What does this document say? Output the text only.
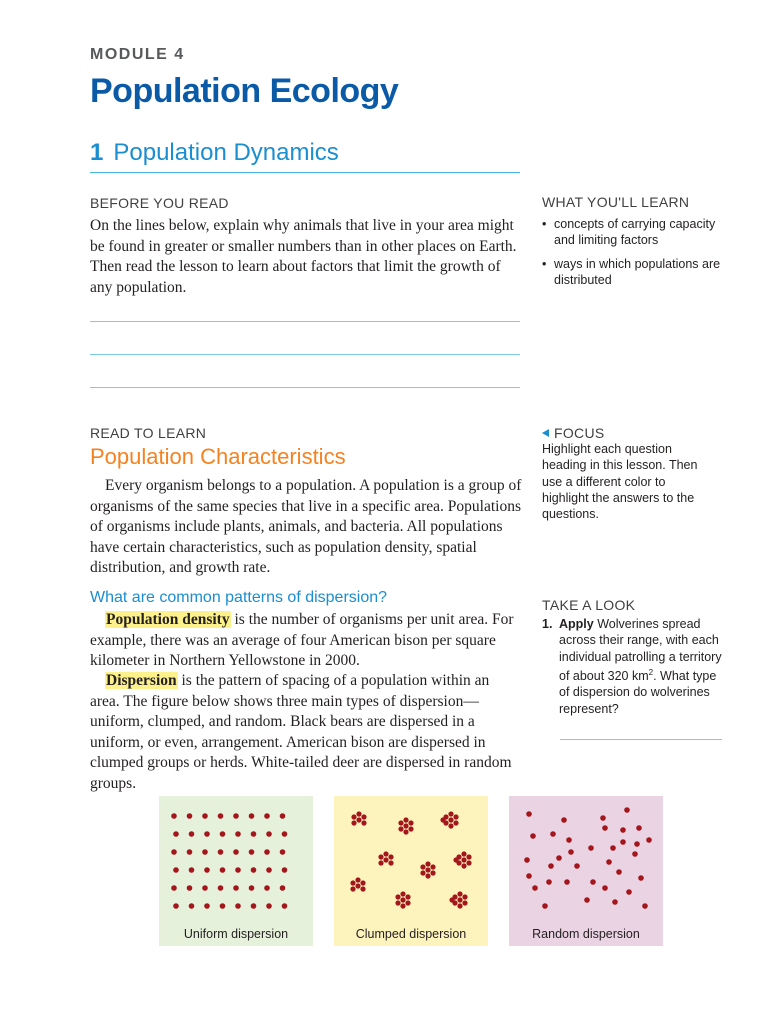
MODULE 4
Population Ecology
1 Population Dynamics
BEFORE YOU READ
On the lines below, explain why animals that live in your area might be found in greater or smaller numbers than in other places on Earth. Then read the lesson to learn about factors that limit the growth of any population.
WHAT YOU'LL LEARN
• concepts of carrying capacity and limiting factors
• ways in which populations are distributed
READ TO LEARN
Population Characteristics
Every organism belongs to a population. A population is a group of organisms of the same species that live in a specific area. Populations of organisms include plants, animals, and bacteria. All populations have certain characteristics, such as population density, spatial distribution, and growth rate.
FOCUS
Highlight each question heading in this lesson. Then use a different color to highlight the answers to the questions.
What are common patterns of dispersion?
Population density is the number of organisms per unit area. For example, there was an average of four American bison per square kilometer in Northern Yellowstone in 2000.
Dispersion is the pattern of spacing of a population within an area. The figure below shows three main types of dispersion—uniform, clumped, and random. Black bears are dispersed in a uniform, or even, arrangement. American bison are dispersed in clumped groups or herds. White-tailed deer are dispersed in random groups.
TAKE A LOOK
1. Apply Wolverines spread across their range, with each individual patrolling a territory of about 320 $km^2$. What type of dispersion do wolverines represent?
Uniform dispersion	Clumped dispersion	Random dispersion
